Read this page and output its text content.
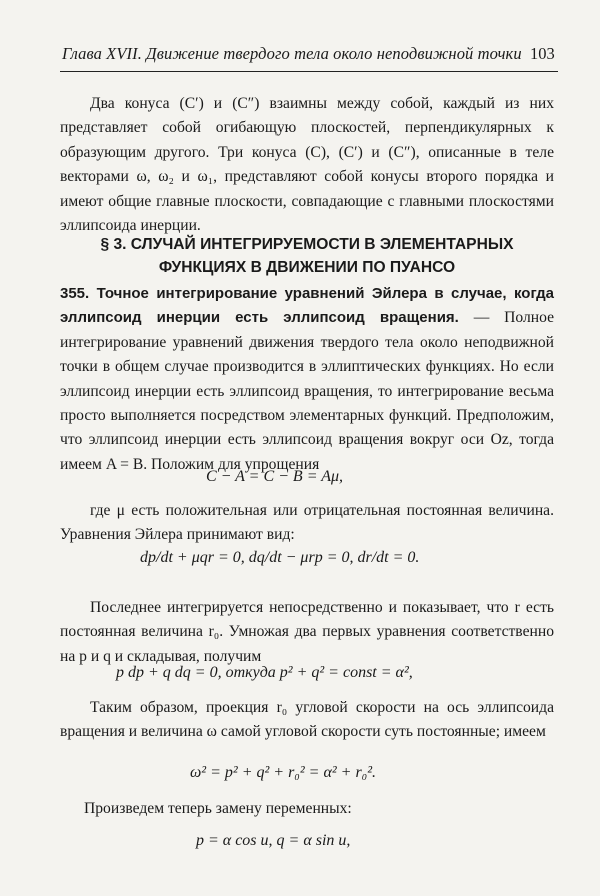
Глава XVII. Движение твердого тела около неподвижной точки 103
Два конуса (C′) и (C″) взаимны между собой, каждый из них представляет собой огибающую плоскостей, перпендикулярных к образующим другого. Три конуса (C), (C′) и (C″), описанные в теле векторами ω, ω₂ и ω₁, представляют собой конусы второго порядка и имеют общие главные плоскости, совпадающие с главными плоскостями эллипсоида инерции.
§ 3. СЛУЧАЙ ИНТЕГРИРУЕМОСТИ В ЭЛЕМЕНТАРНЫХ ФУНКЦИЯХ В ДВИЖЕНИИ ПО ПУАНСО
355. Точное интегрирование уравнений Эйлера в случае, когда эллипсоид инерции есть эллипсоид вращения. — Полное интегрирование уравнений движения твердого тела около неподвижной точки в общем случае производится в эллиптических функциях. Но если эллипсоид инерции есть эллипсоид вращения, то интегрирование весьма просто выполняется посредством элементарных функций. Предположим, что эллипсоид инерции есть эллипсоид вращения вокруг оси Oz, тогда имеем A = B. Положим для упрощения
C − A = C − B = Aμ,
где μ есть положительная или отрицательная постоянная величина. Уравнения Эйлера принимают вид:
dp/dt + μqr = 0, dq/dt − μrp = 0, dr/dt = 0.
Последнее интегрируется непосредственно и показывает, что r есть постоянная величина r₀. Умножая два первых уравнения соответственно на p и q и складывая, получим
p dp + q dq = 0, откуда p² + q² = const = α²,
Таким образом, проекция r₀ угловой скорости на ось эллипсоида вращения и величина ω самой угловой скорости суть постоянные; имеем
ω² = p² + q² + r₀² = α² + r₀².
Произведем теперь замену переменных:
p = α cos u, q = α sin u,
